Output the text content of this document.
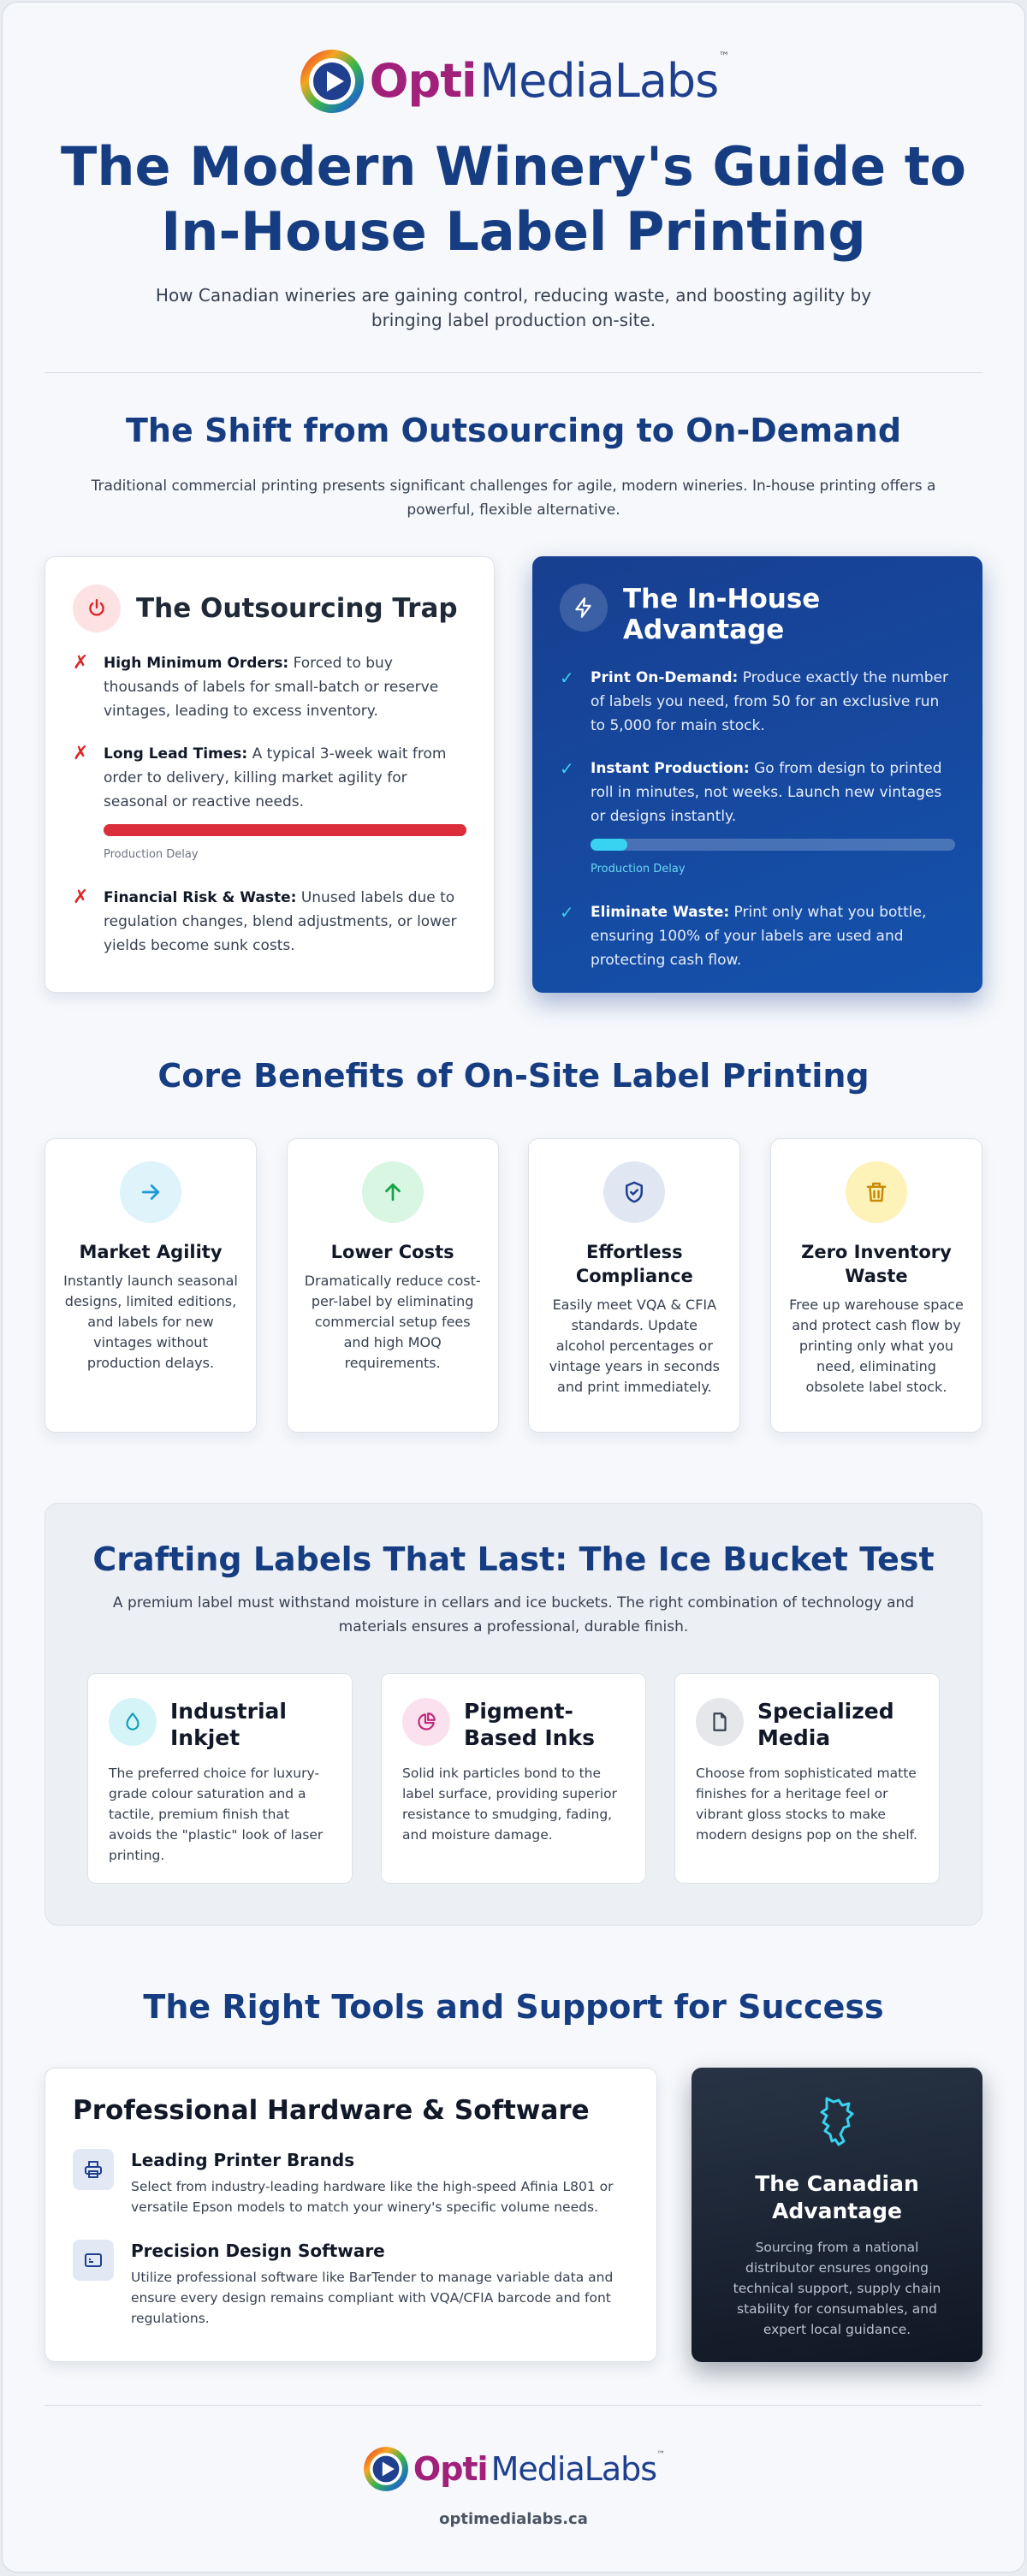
Opti MediaLabs ™
The Modern Winery's Guide to In-House Label Printing

How Canadian wineries are gaining control, reducing waste, and boosting agility by bringing label production on-site.

The Shift from Outsourcing to On-Demand

Traditional commercial printing presents significant challenges for agile, modern wineries. In-house printing offers a powerful, flexible alternative.

The Outsourcing Trap
✗	High Minimum Orders: Forced to buy thousands of labels for small-batch or reserve vintages, leading to excess inventory.
✗	Long Lead Times: A typical 3-week wait from order to delivery, killing market agility for seasonal or reactive needs.
Production Delay
✗	Financial Risk & Waste: Unused labels due to regulation changes, blend adjustments, or lower yields become sunk costs.
The In-House Advantage
✓	Print On-Demand: Produce exactly the number of labels you need, from 50 for an exclusive run to 5,000 for main stock.
✓	Instant Production: Go from design to printed roll in minutes, not weeks. Launch new vintages or designs instantly.
Production Delay
✓	Eliminate Waste: Print only what you bottle, ensuring 100% of your labels are used and protecting cash flow.
Core Benefits of On-Site Label Printing
Market Agility
Instantly launch seasonal designs, limited editions, and labels for new vintages without production delays.
Lower Costs
Dramatically reduce cost-per-label by eliminating commercial setup fees and high MOQ requirements.
Effortless Compliance
Easily meet VQA & CFIA standards. Update alcohol percentages or vintage years in seconds and print immediately.
Zero Inventory Waste
Free up warehouse space and protect cash flow by printing only what you need, eliminating obsolete label stock.
Crafting Labels That Last: The Ice Bucket Test

A premium label must withstand moisture in cellars and ice buckets. The right combination of technology and materials ensures a professional, durable finish.

Industrial Inkjet
The preferred choice for luxury-grade colour saturation and a tactile, premium finish that avoids the "plastic" look of laser printing.
Pigment-Based Inks
Solid ink particles bond to the label surface, providing superior resistance to smudging, fading, and moisture damage.
Specialized Media
Choose from sophisticated matte finishes for a heritage feel or vibrant gloss stocks to make modern designs pop on the shelf.
The Right Tools and Support for Success
Professional Hardware & Software
Leading Printer Brands
Select from industry-leading hardware like the high-speed Afinia L801 or versatile Epson models to match your winery's specific volume needs.
Precision Design Software
Utilize professional software like BarTender to manage variable data and ensure every design remains compliant with VQA/CFIA barcode and font regulations.
The Canadian Advantage
Sourcing from a national distributor ensures ongoing technical support, supply chain stability for consumables, and expert local guidance.
Opti MediaLabs ™
optimedialabs.ca
